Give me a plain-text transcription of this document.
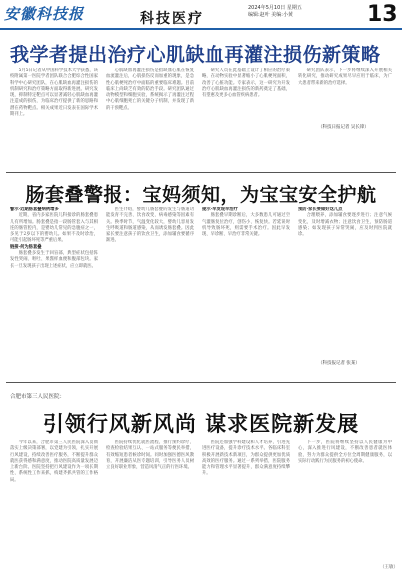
安徽科技报	科技医疗
2024年5月10日 星期五
编辑:赵叶 美编:小黄	13
我学者提出治疗心肌缺血再灌注损伤新策略

5月5日记者从中国科学技术大学获悉，该校附属第一医院学者团队联合合肥综合性国家科学中心研究团队，在心肌缺血再灌注损伤的机制研究和治疗策略方面取得新进展。研究发现，抑制特定靶点可以显著减轻心肌缺血再灌注造成的损伤，为临床治疗提供了新的思路和潜在药物靶点。相关成果近日发表在国际学术期刊上。

心肌缺血再灌注损伤是指缺血心肌在恢复血流灌注后，心肌损伤反而加重的现象，是急性心肌梗死治疗中面临的重要临床难题。目前临床上尚缺乏有效的防治手段。研究团队通过动物模型和细胞实验，系统揭示了再灌注过程中心肌细胞死亡的关键分子机制，并发现了新的干预靶点。

研究人员在此基础上设计了相应的治疗策略，在动物实验中显著缩小了心肌梗死面积，改善了心脏功能。专家表示，这一研究为开发治疗心肌缺血再灌注损伤的新药奠定了基础，有望惠及更多心血管疾病患者。

研究团队表示，下一步将继续深入开展相关转化研究，推动研究成果尽早应用于临床，为广大患者带来新的治疗选择。

（科技日报记者 吴长锋）
肠套叠警报：宝妈须知，为宝宝安全护航

警示·近期肠套叠病例增多

近期，省内多家医院儿科接诊的肠套叠患儿有所增加。肠套叠是指一段肠管套入与其相连的肠管腔内，是婴幼儿常见的急腹症之一，多见于2岁以下的婴幼儿。如果不及时诊治，可能引起肠坏死等严重后果。

链接·何为肠套叠

肠套叠多发生于回盲部，典型症状包括阵发性哭闹、呕吐、果酱样血便和腹部包块。家长一旦发现孩子出现上述症状，应立即就医。

医生介绍，婴幼儿肠套叠的发生与肠道功能发育不完善、饮食改变、病毒感染等因素有关。换季时节，气温变化较大，婴幼儿容易发生呼吸道和肠道感染，从而诱发肠套叠。因此家长要注意孩子的饮食卫生，添加辅食要循序渐进。

提示·早发现早治疗

肠套叠早期诊断后，大多数患儿可通过空气灌肠复位治疗，创伤小、恢复快。若延误时机导致肠坏死，则需要手术治疗。因此早发现、早诊断、早治疗非常关键。

预防·家长要做好这几点

合理喂养，添加辅食要逐步进行；注意气候变化，及时增减衣物；注意饮食卫生，预防肠道感染；如发现孩子异常哭闹，应及时到医院就诊。

（科技报记者 张某）
合肥市第三人民医院：
引领行风新风尚 谋求医院新发展

今年以来，合肥市第三人民医院深入贯彻落实上级决策部署，以党建为引领，扎实开展行风建设，持续改善医疗服务，不断提升群众就医获得感和满意度，推动医院高质量发展迈上新台阶。医院坚持把行风建设作为一项长期性、系统性工作来抓，构建齐抓共管的工作格局。

医院持续优化就医流程，推行预约诊疗、检查检验结果互认、一站式服务等便民举措，有效缩短患者候诊时间。同时加强医德医风教育，开展廉洁从医专题培训，引导医务人员树立良好职业形象，营造风清气正的行医环境。

医院还加强学科建设和人才培养，引进先进医疗设备，提升诊疗技术水平。各临床科室积极开展新技术新项目，为群众提供更加优质高效的医疗服务。通过一系列举措，医院服务能力和管理水平显著提升，群众满意度持续攀升。

下一步，医院将继续坚持以人民健康为中心，深入推进行风建设，不断改善患者就医体验，努力为群众提供全方位全周期健康服务，以实际行动践行为民服务的初心使命。

（王敏）
